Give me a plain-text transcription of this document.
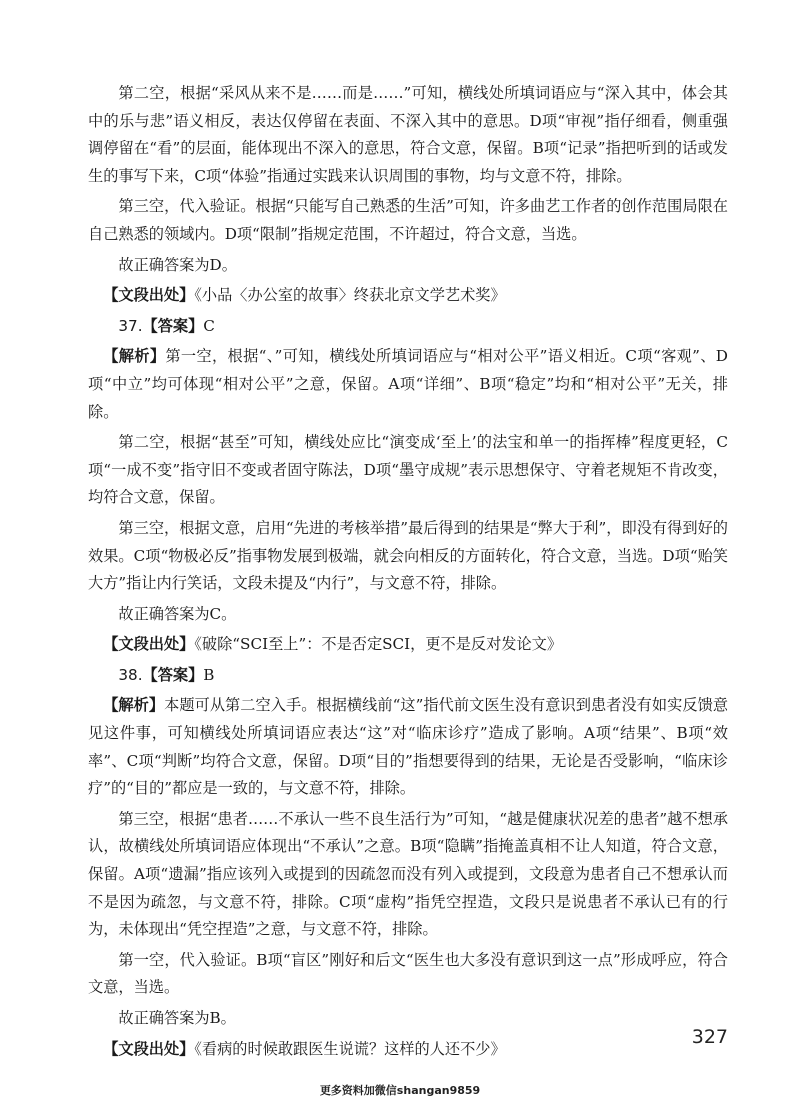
第二空，根据“采风从来不是……而是……”可知，横线处所填词语应与“深入其中，体会其中的乐与悲”语义相反，表达仅停留在表面、不深入其中的意思。D项“审视”指仔细看，侧重强调停留在“看”的层面，能体现出不深入的意思，符合文意，保留。B项“记录”指把听到的话或发生的事写下来，C项“体验”指通过实践来认识周围的事物，均与文意不符，排除。

第三空，代入验证。根据“只能写自己熟悉的生活”可知，许多曲艺工作者的创作范围局限在自己熟悉的领域内。D项“限制”指规定范围，不许超过，符合文意，当选。

故正确答案为D。

【文段出处】《小品〈办公室的故事〉终获北京文学艺术奖》

37.【答案】C

【解析】第一空，根据“、”可知，横线处所填词语应与“相对公平”语义相近。C项“客观”、D项“中立”均可体现“相对公平”之意，保留。A项“详细”、B项“稳定”均和“相对公平”无关，排除。

第二空，根据“甚至”可知，横线处应比“演变成‘至上’的法宝和单一的指挥棒”程度更轻，C项“一成不变”指守旧不变或者固守陈法，D项“墨守成规”表示思想保守、守着老规矩不肯改变，均符合文意，保留。

第三空，根据文意，启用“先进的考核举措”最后得到的结果是“弊大于利”，即没有得到好的效果。C项“物极必反”指事物发展到极端，就会向相反的方面转化，符合文意，当选。D项“贻笑大方”指让内行笑话，文段未提及“内行”，与文意不符，排除。

故正确答案为C。

【文段出处】《破除“SCI至上”：不是否定SCI，更不是反对发论文》

38.【答案】B

【解析】本题可从第二空入手。根据横线前“这”指代前文医生没有意识到患者没有如实反馈意见这件事，可知横线处所填词语应表达“这”对“临床诊疗”造成了影响。A项“结果”、B项“效率”、C项“判断”均符合文意，保留。D项“目的”指想要得到的结果，无论是否受影响，“临床诊疗”的“目的”都应是一致的，与文意不符，排除。

第三空，根据“患者……不承认一些不良生活行为”可知，“越是健康状况差的患者”越不想承认，故横线处所填词语应体现出“不承认”之意。B项“隐瞒”指掩盖真相不让人知道，符合文意，保留。A项“遗漏”指应该列入或提到的因疏忽而没有列入或提到，文段意为患者自己不想承认而不是因为疏忽，与文意不符，排除。C项“虚构”指凭空捏造，文段只是说患者不承认已有的行为，未体现出“凭空捏造”之意，与文意不符，排除。

第一空，代入验证。B项“盲区”刚好和后文“医生也大多没有意识到这一点”形成呼应，符合文意，当选。

故正确答案为B。

【文段出处】《看病的时候敢跟医生说谎？这样的人还不少》

327
更多资料加微信shangan9859
